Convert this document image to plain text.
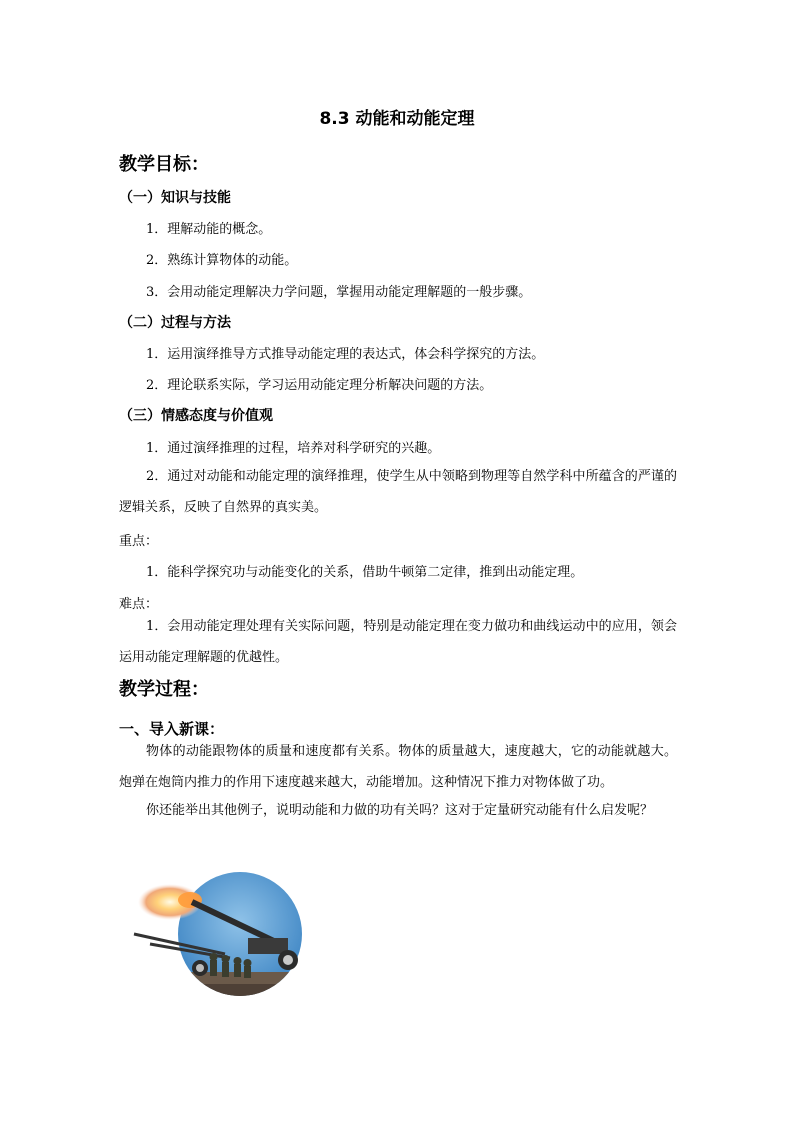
8.3 动能和动能定理
教学目标：
（一）知识与技能
1．理解动能的概念。
2．熟练计算物体的动能。
3．会用动能定理解决力学问题，掌握用动能定理解题的一般步骤。
（二）过程与方法
1．运用演绎推导方式推导动能定理的表达式，体会科学探究的方法。
2．理论联系实际，学习运用动能定理分析解决问题的方法。
（三）情感态度与价值观
1．通过演绎推理的过程，培养对科学研究的兴趣。
2．通过对动能和动能定理的演绎推理，使学生从中领略到物理等自然学科中所蕴含的严谨的逻辑关系，反映了自然界的真实美。
重点：
1．能科学探究功与动能变化的关系，借助牛顿第二定律，推到出动能定理。
难点：
1．会用动能定理处理有关实际问题，特别是动能定理在变力做功和曲线运动中的应用，领会运用动能定理解题的优越性。
教学过程：
一、导入新课：
物体的动能跟物体的质量和速度都有关系。物体的质量越大，速度越大，它的动能就越大。炮弹在炮筒内推力的作用下速度越来越大，动能增加。这种情况下推力对物体做了功。
你还能举出其他例子，说明动能和力做的功有关吗？这对于定量研究动能有什么启发呢？
